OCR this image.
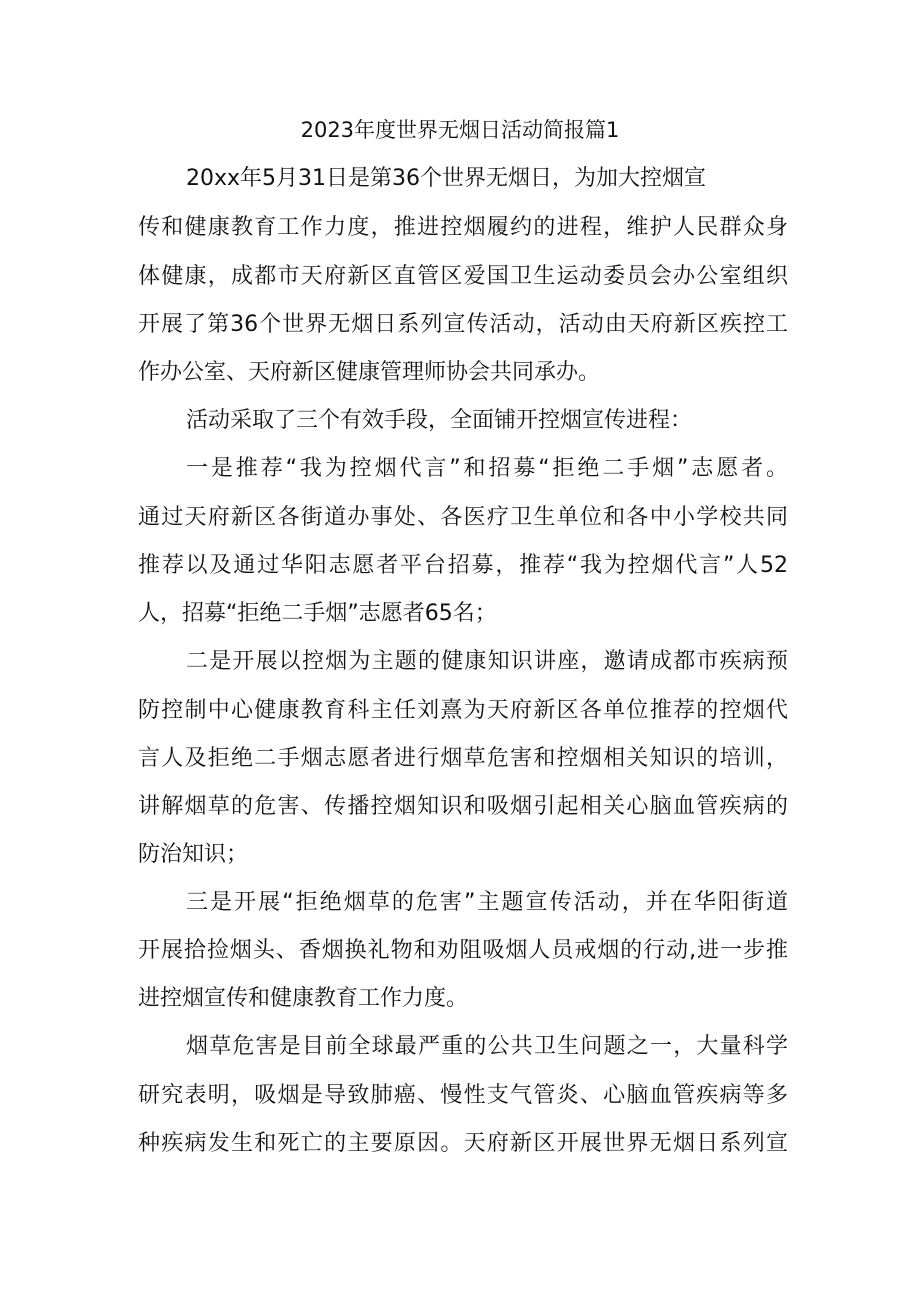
2023年度世界无烟日活动简报篇1
20xx年5月31日是第36个世界无烟日，为加大控烟宣
传和健康教育工作力度，推进控烟履约的进程，维护人民群众身
体健康，成都市天府新区直管区爱国卫生运动委员会办公室组织
开展了第36个世界无烟日系列宣传活动，活动由天府新区疾控工
作办公室、天府新区健康管理师协会共同承办。
活动采取了三个有效手段，全面铺开控烟宣传进程：
一是推荐“我为控烟代言”和招募“拒绝二手烟”志愿者。
通过天府新区各街道办事处、各医疗卫生单位和各中小学校共同
推荐以及通过华阳志愿者平台招募，推荐“我为控烟代言”人52
人，招募“拒绝二手烟”志愿者65名；
二是开展以控烟为主题的健康知识讲座，邀请成都市疾病预
防控制中心健康教育科主任刘熹为天府新区各单位推荐的控烟代
言人及拒绝二手烟志愿者进行烟草危害和控烟相关知识的培训，
讲解烟草的危害、传播控烟知识和吸烟引起相关心脑血管疾病的
防治知识；
三是开展“拒绝烟草的危害”主题宣传活动，并在华阳街道
开展拾捡烟头、香烟换礼物和劝阻吸烟人员戒烟的行动,进一步推
进控烟宣传和健康教育工作力度。
烟草危害是目前全球最严重的公共卫生问题之一，大量科学
研究表明，吸烟是导致肺癌、慢性支气管炎、心脑血管疾病等多
种疾病发生和死亡的主要原因。天府新区开展世界无烟日系列宣
